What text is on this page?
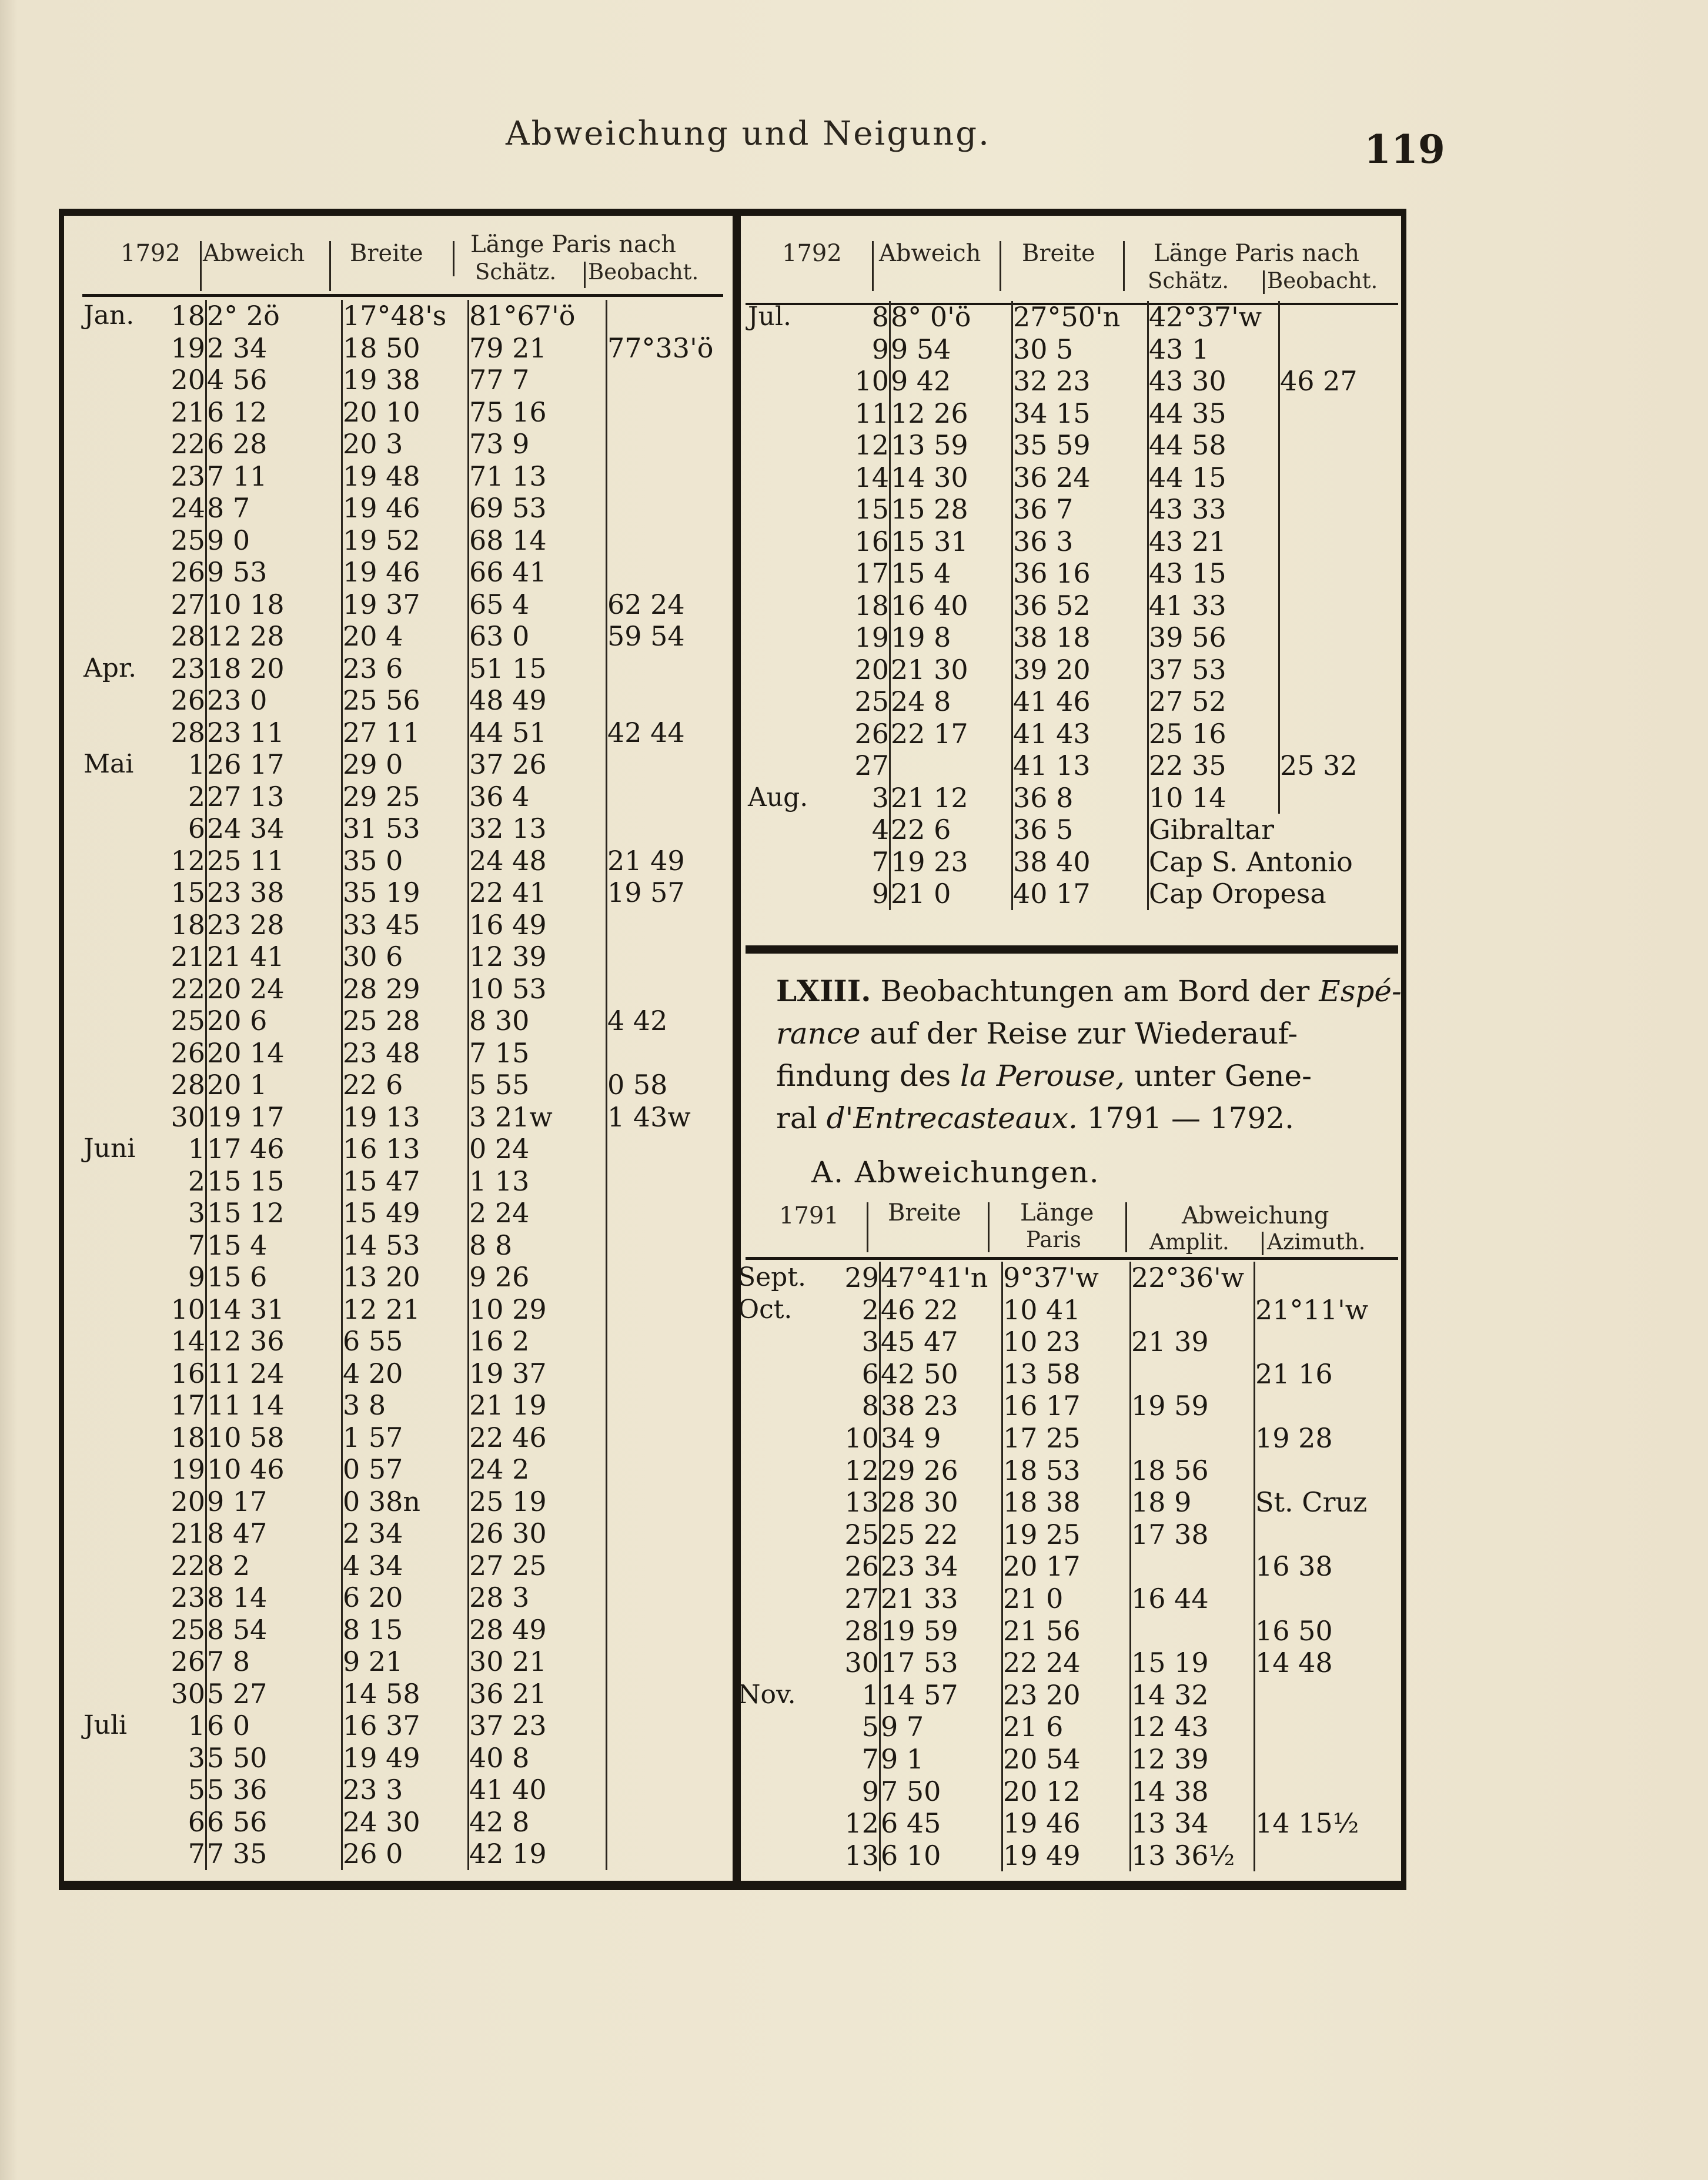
Abweichung und Neigung.	119
1792 Abweich Breite Länge Paris nach
Schätz. Beobacht.
Jan.	18	2° 2ö	17°48's	81°67'ö	
	19	2 34	18 50	79 21	77°33'ö
	20	4 56	19 38	77 7	
	21	6 12	20 10	75 16	
	22	6 28	20 3	73 9	
	23	7 11	19 48	71 13	
	24	8 7	19 46	69 53	
	25	9 0	19 52	68 14	
	26	9 53	19 46	66 41	
	27	10 18	19 37	65 4	62 24
	28	12 28	20 4	63 0	59 54
Apr.	23	18 20	23 6	51 15	
	26	23 0	25 56	48 49	
	28	23 11	27 11	44 51	42 44
Mai	1	26 17	29 0	37 26	
	2	27 13	29 25	36 4	
	6	24 34	31 53	32 13	
	12	25 11	35 0	24 48	21 49
	15	23 38	35 19	22 41	19 57
	18	23 28	33 45	16 49	
	21	21 41	30 6	12 39	
	22	20 24	28 29	10 53	
	25	20 6	25 28	8 30	4 42
	26	20 14	23 48	7 15	
	28	20 1	22 6	5 55	0 58
	30	19 17	19 13	3 21w	1 43w
Juni	1	17 46	16 13	0 24	
	2	15 15	15 47	1 13	
	3	15 12	15 49	2 24	
	7	15 4	14 53	8 8	
	9	15 6	13 20	9 26	
	10	14 31	12 21	10 29	
	14	12 36	6 55	16 2	
	16	11 24	4 20	19 37	
	17	11 14	3 8	21 19	
	18	10 58	1 57	22 46	
	19	10 46	0 57	24 2	
	20	9 17	0 38n	25 19	
	21	8 47	2 34	26 30	
	22	8 2	4 34	27 25	
	23	8 14	6 20	28 3	
	25	8 54	8 15	28 49	
	26	7 8	9 21	30 21	
	30	5 27	14 58	36 21	
Juli	1	6 0	16 37	37 23	
	3	5 50	19 49	40 8	
	5	5 36	23 3	41 40	
	6	6 56	24 30	42 8	
	7	7 35	26 0	42 19	
1792 Abweich Breite Länge Paris nach
Schätz. Beobacht.
Jul.	8	8° 0'ö	27°50'n	42°37'w	
	9	9 54	30 5	43 1	
	10	9 42	32 23	43 30	46 27
	11	12 26	34 15	44 35	
	12	13 59	35 59	44 58	
	14	14 30	36 24	44 15	
	15	15 28	36 7	43 33	
	16	15 31	36 3	43 21	
	17	15 4	36 16	43 15	
	18	16 40	36 52	41 33	
	19	19 8	38 18	39 56	
	20	21 30	39 20	37 53	
	25	24 8	41 46	27 52	
	26	22 17	41 43	25 16	
	27		41 13	22 35	25 32
Aug.	3	21 12	36 8	10 14	
	4	22 6	36 5	Gibraltar	
	7	19 23	38 40	Cap S. Antonio	
	9	21 0	40 17	Cap Oropesa	
LXIII. Beobachtungen am Bord der Espé-
rance auf der Reise zur Wiederauf-
findung des la Perouse, unter Gene-
ral d'Entrecasteaux. 1791 — 1792.
A. Abweichungen.
1791 Breite	Länge
Paris
Abweichung
Amplit. Azimuth.
Sept.	29	47°41'n	9°37'w	22°36'w	
Oct.	2	46 22	10 41		21°11'w
	3	45 47	10 23	21 39	
	6	42 50	13 58		21 16
	8	38 23	16 17	19 59	
	10	34 9	17 25		19 28
	12	29 26	18 53	18 56	
	13	28 30	18 38	18 9	St. Cruz
	25	25 22	19 25	17 38	
	26	23 34	20 17		16 38
	27	21 33	21 0	16 44	
	28	19 59	21 56		16 50
	30	17 53	22 24	15 19	14 48
Nov.	1	14 57	23 20	14 32	
	5	9 7	21 6	12 43	
	7	9 1	20 54	12 39	
	9	7 50	20 12	14 38	
	12	6 45	19 46	13 34	14 15½
	13	6 10	19 49	13 36½	
